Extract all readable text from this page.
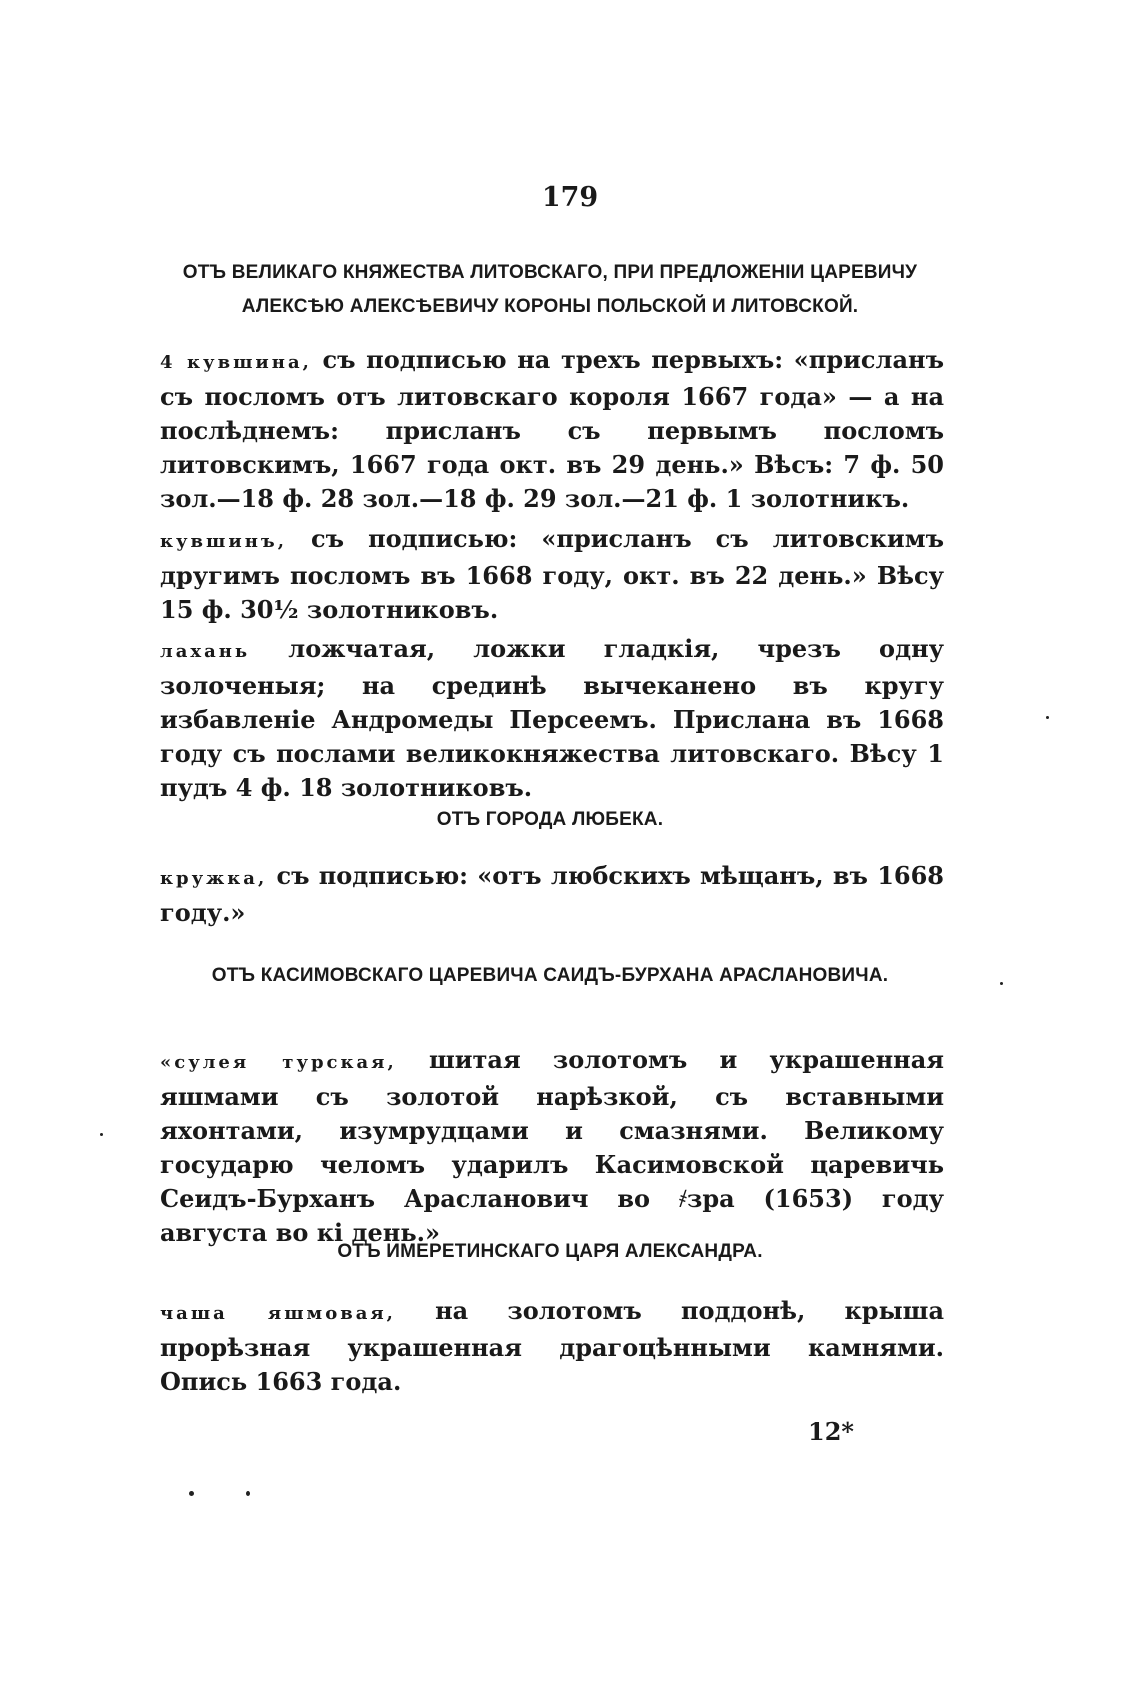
179
ОТЪ ВЕЛИКАГО КНЯЖЕСТВА ЛИТОВСКАГО, ПРИ ПРЕДЛОЖЕНІИ ЦАРЕВИЧУ
АЛЕКСѢЮ АЛЕКСѢЕВИЧУ КОРОНЫ ПОЛЬСКОЙ И ЛИТОВСКОЙ.
4 кувшина, съ подписью на трехъ первыхъ: «присланъ съ посломъ отъ литовскаго короля 1667 года» — а на послѣднемъ: присланъ съ первымъ посломъ литовскимъ, 1667 года окт. въ 29 день.» Вѣсъ: 7 ф. 50 зол.—18 ф. 28 зол.—18 ф. 29 зол.—21 ф. 1 золотникъ.
кувшинъ, съ подписью: «присланъ съ литовскимъ другимъ посломъ въ 1668 году, окт. въ 22 день.» Вѣсу 15 ф. 30½ золотниковъ.
лахань ложчатая, ложки гладкія, чрезъ одну золоченыя; на срединѣ вычеканено въ кругу избавленіе Андромеды Персеемъ. Прислана въ 1668 году съ послами великокняжества литовскаго. Вѣсу 1 пудъ 4 ф. 18 золотниковъ.
ОТЪ ГОРОДА ЛЮБЕКА.
кружка, съ подписью: «отъ любскихъ мѣщанъ, въ 1668 году.»
ОТЪ КАСИМОВСКАГО ЦАРЕВИЧА САИДЪ-БУРХАНА АРАСЛАНОВИЧА.
«сулея турская, шитая золотомъ и украшенная яшмами съ золотой нарѣзкой, съ вставными яхонтами, изумрудцами и смазнями. Великому государю челомъ ударилъ Касимовской царевичь Сеидъ-Бурханъ Арасланович во ҂зра (1653) году августа во кі день.»
ОТЪ ИМЕРЕТИНСКАГО ЦАРЯ АЛЕКСАНДРА.
чаша яшмовая, на золотомъ поддонѣ, крыша прорѣзная украшенная драгоцѣнными камнями. Опись 1663 года.
12*
